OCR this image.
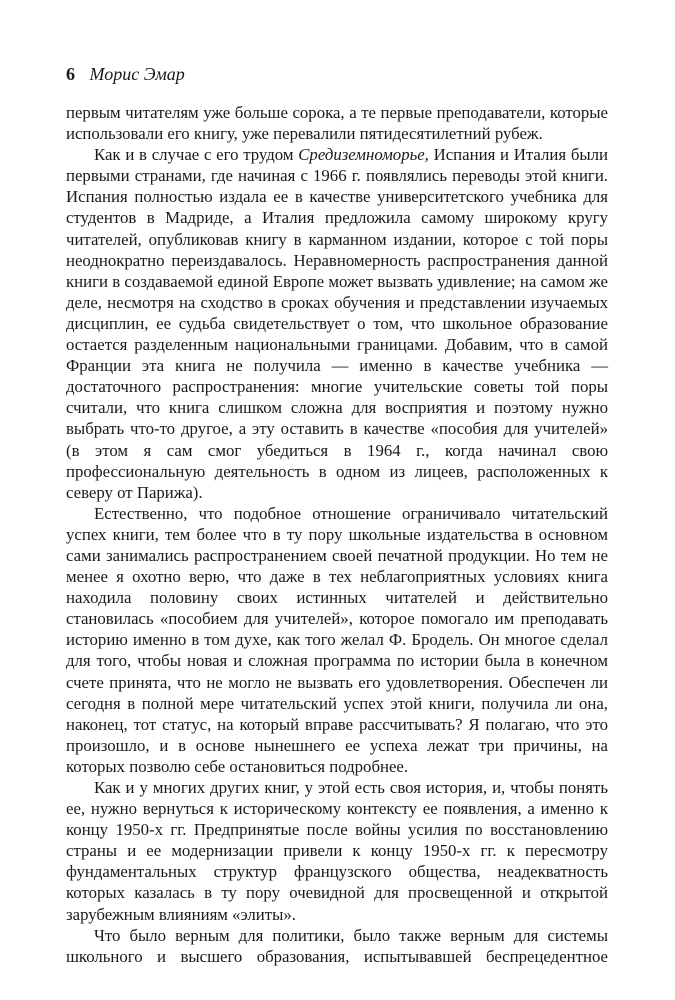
6 Морис Эмар

первым читателям уже больше сорока, а те первые преподаватели, которые использовали его книгу, уже перевалили пятидесятилетний рубеж.

Как и в случае с его трудом Средиземноморье, Испания и Италия были первыми странами, где начиная с 1966 г. появлялись переводы этой книги. Испания полностью издала ее в качестве университетского учебника для студентов в Мадриде, а Италия предложила самому широкому кругу читателей, опубликовав книгу в карманном издании, которое с той поры неоднократно переиздавалось. Неравномерность распространения данной книги в создаваемой единой Европе может вызвать удивление; на самом же деле, несмотря на сходство в сроках обучения и представлении изучаемых дисциплин, ее судьба свидетельствует о том, что школьное образование остается разделенным национальными границами. Добавим, что в самой Франции эта книга не получила — именно в качестве учебника — достаточного распространения: многие учительские советы той поры считали, что книга слишком сложна для восприятия и поэтому нужно выбрать что-то другое, а эту оставить в качестве «пособия для учителей» (в этом я сам смог убедиться в 1964 г., когда начинал свою профессиональную деятельность в одном из лицеев, расположенных к северу от Парижа).

Естественно, что подобное отношение ограничивало читательский успех книги, тем более что в ту пору школьные издательства в основном сами занимались распространением своей печатной продукции. Но тем не менее я охотно верю, что даже в тех неблагоприятных условиях книга находила половину своих истинных читателей и действительно становилась «пособием для учителей», которое помогало им преподавать историю именно в том духе, как того желал Ф. Бродель. Он многое сделал для того, чтобы новая и сложная программа по истории была в конечном счете принята, что не могло не вызвать его удовлетворения. Обеспечен ли сегодня в полной мере читательский успех этой книги, получила ли она, наконец, тот статус, на который вправе рассчитывать? Я полагаю, что это произошло, и в основе нынешнего ее успеха лежат три причины, на которых позволю себе остановиться подробнее.

Как и у многих других книг, у этой есть своя история, и, чтобы понять ее, нужно вернуться к историческому контексту ее появления, а именно к концу 1950-х гг. Предпринятые после войны усилия по восстановлению страны и ее модернизации привели к концу 1950-х гг. к пересмотру фундаментальных структур французского общества, неадекватность которых казалась в ту пору очевидной для просвещенной и открытой зарубежным влияниям «элиты».

Что было верным для политики, было также верным для системы школьного и высшего образования, испытывавшей беспрецедентное
